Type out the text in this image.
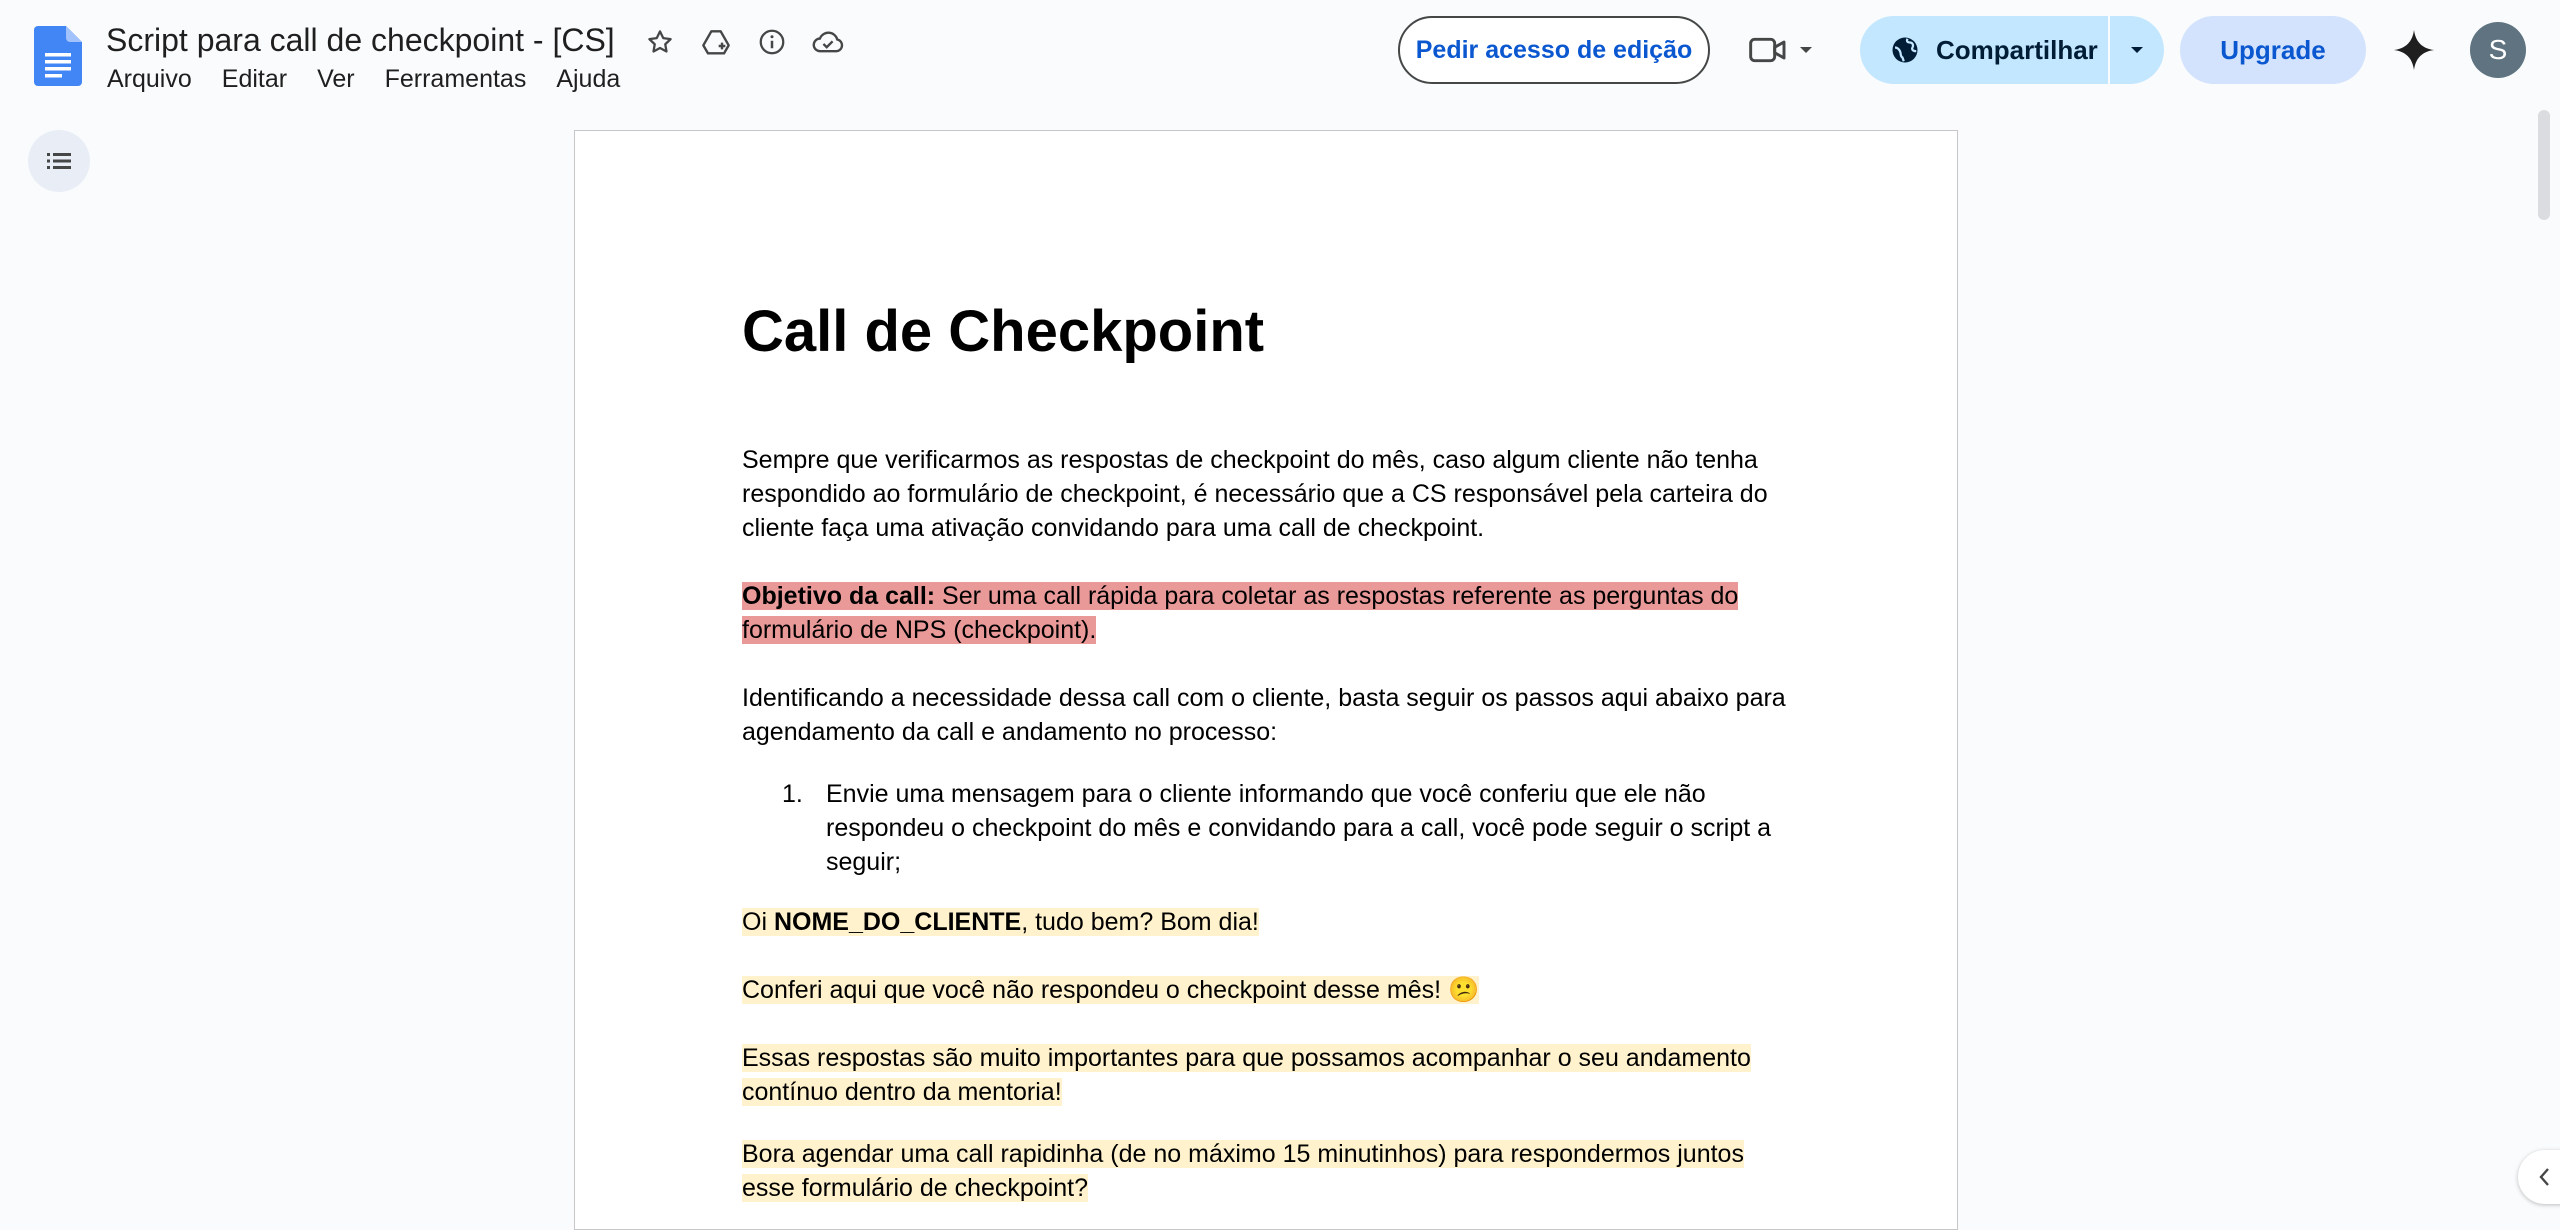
Script para call de checkpoint - [CS]
Arquivo	Editar	Ver	Ferramentas	Ajuda
Pedir acesso de edição	Compartilhar	Upgrade	S
Call de Checkpoint

Sempre que verificarmos as respostas de checkpoint do mês, caso algum cliente não tenha respondido ao formulário de checkpoint, é necessário que a CS responsável pela carteira do cliente faça uma ativação convidando para uma call de checkpoint.

Objetivo da call: Ser uma call rápida para coletar as respostas referente as perguntas do formulário de NPS (checkpoint).

Identificando a necessidade dessa call com o cliente, basta seguir os passos aqui abaixo para agendamento da call e andamento no processo:

1. Envie uma mensagem para o cliente informando que você conferiu que ele não respondeu o checkpoint do mês e convidando para a call, você pode seguir o script a seguir;

Oi NOME_DO_CLIENTE, tudo bem? Bom dia!

Conferi aqui que você não respondeu o checkpoint desse mês! 😕

Essas respostas são muito importantes para que possamos acompanhar o seu andamento contínuo dentro da mentoria!

Bora agendar uma call rapidinha (de no máximo 15 minutinhos) para respondermos juntos esse formulário de checkpoint?
